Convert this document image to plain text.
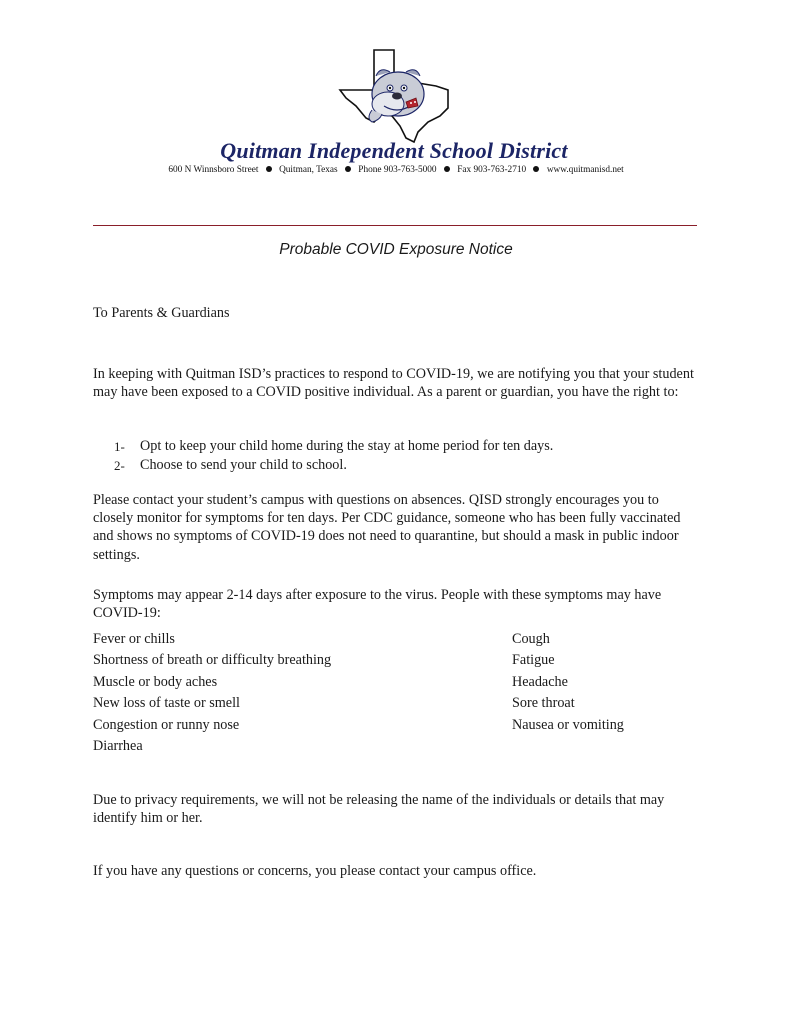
Quitman Independent School District
600 N Winnsboro Street Quitman, Texas Phone 903-763-5000 Fax 903-763-2710 www.quitmanisd.net
Probable COVID Exposure Notice
To Parents & Guardians
In keeping with Quitman ISD’s practices to respond to COVID-19, we are notifying you that your student may have been exposed to a COVID positive individual. As a parent or guardian, you have the right to:
1-	Opt to keep your child home during the stay at home period for ten days.
2-	Choose to send your child to school.
Please contact your student’s campus with questions on absences. QISD strongly encourages you to closely monitor for symptoms for ten days. Per CDC guidance, someone who has been fully vaccinated and shows no symptoms of COVID-19 does not need to quarantine, but should a mask in public indoor settings.
Symptoms may appear 2-14 days after exposure to the virus. People with these symptoms may have COVID-19:
Fever or chills
Shortness of breath or difficulty breathing
Muscle or body aches
New loss of taste or smell
Congestion or runny nose
Diarrhea
Cough
Fatigue
Headache
Sore throat
Nausea or vomiting
Due to privacy requirements, we will not be releasing the name of the individuals or details that may identify him or her.
If you have any questions or concerns, you please contact your campus office.
